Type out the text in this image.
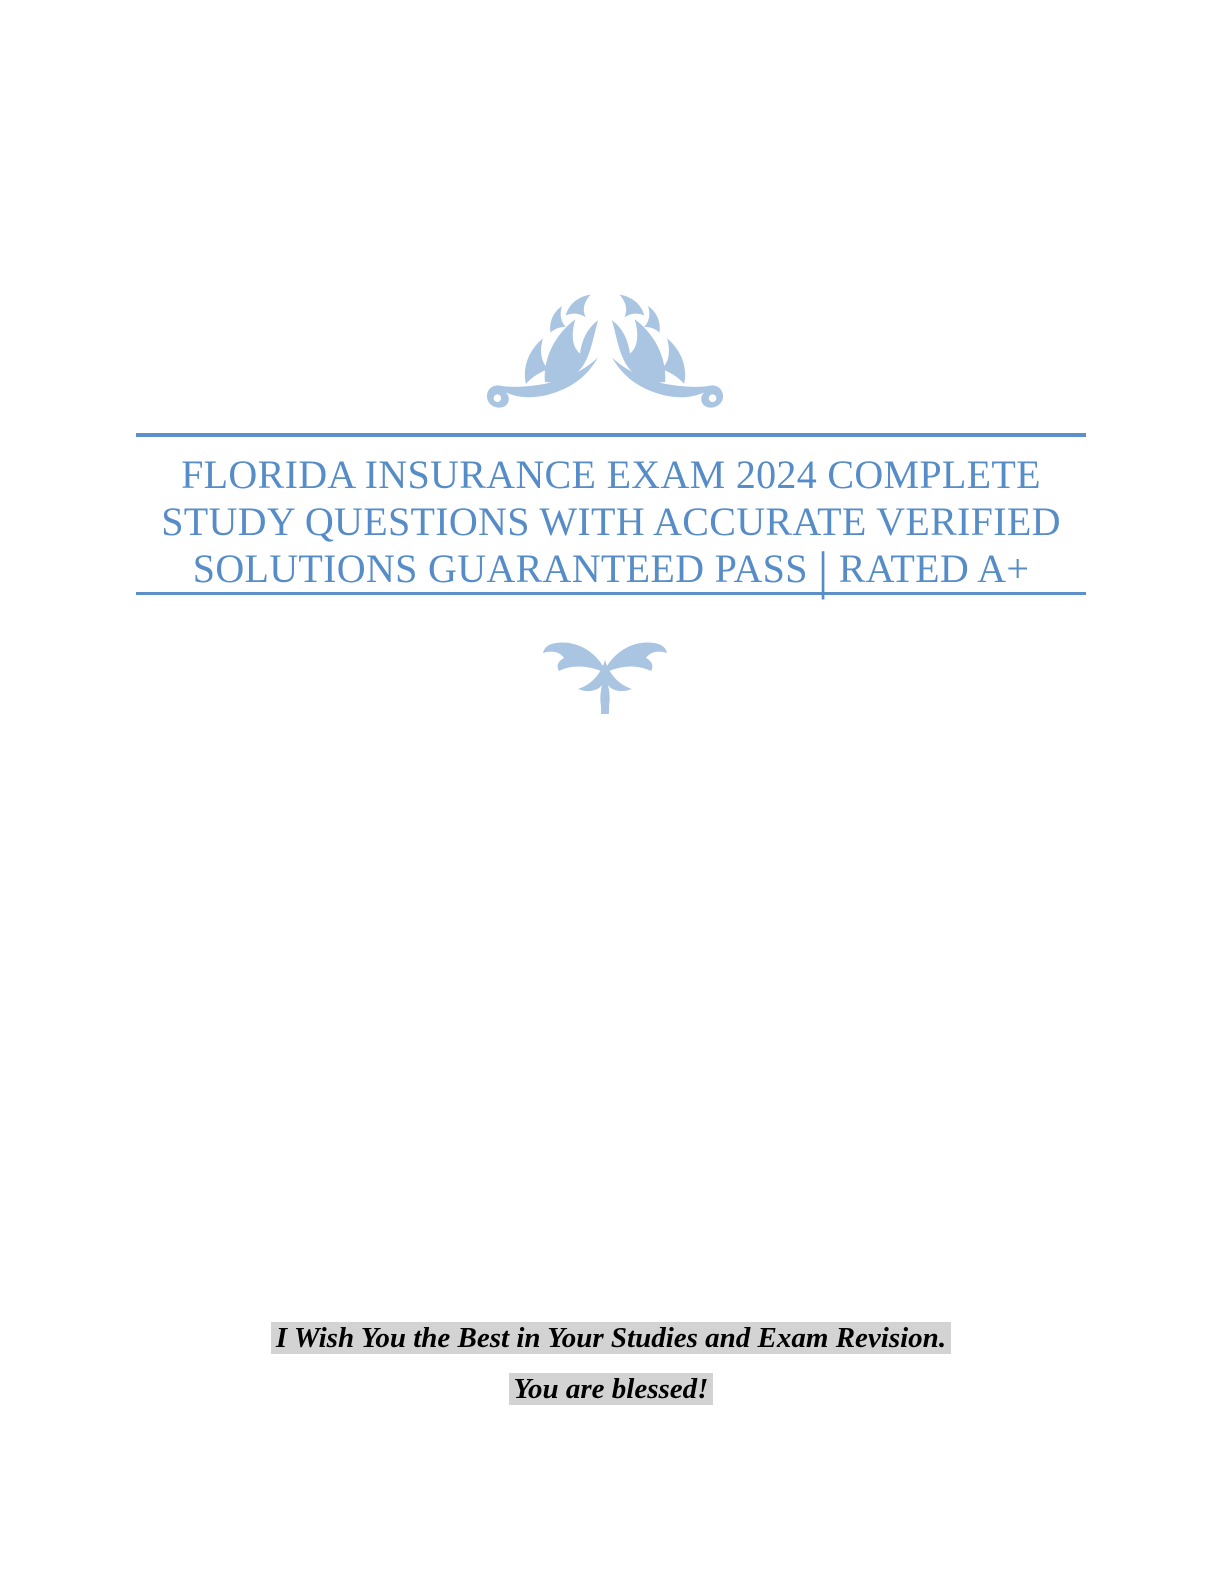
FLORIDA INSURANCE EXAM 2024 COMPLETE
STUDY QUESTIONS WITH ACCURATE VERIFIED
SOLUTIONS GUARANTEED PASS | RATED A+

I Wish You the Best in Your Studies and Exam Revision.

You are blessed!
